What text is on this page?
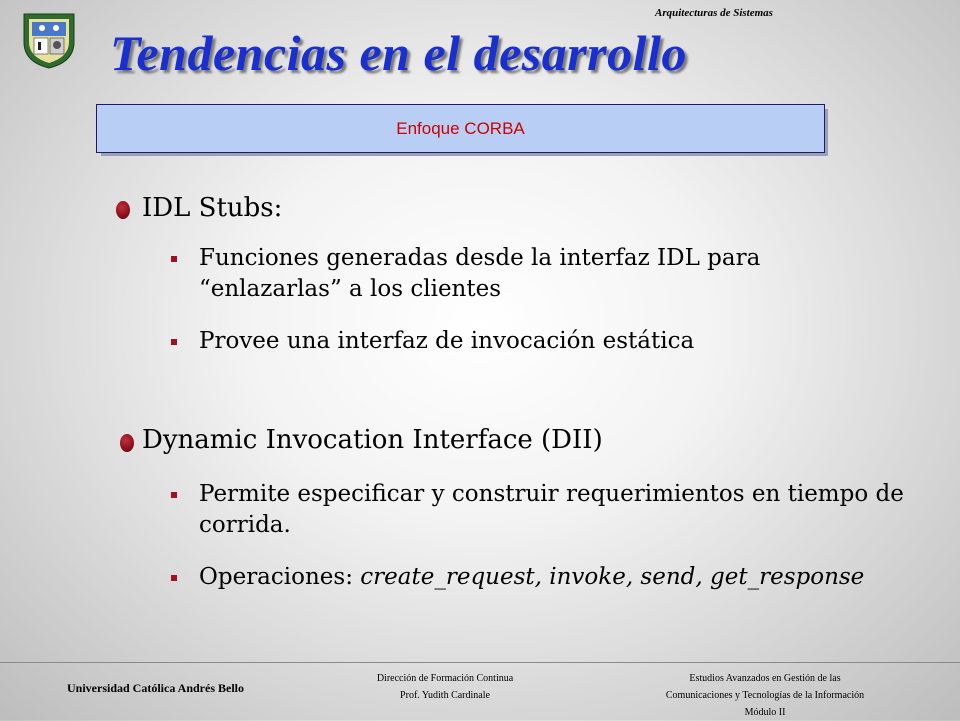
Arquitecturas de Sistemas
Tendencias en el desarrollo
Enfoque CORBA
IDL Stubs:
Funciones generadas desde la interfaz IDL para “enlazarlas” a los clientes
Provee una interfaz de invocación estática
Dynamic Invocation Interface (DII)
Permite especificar y construir requerimientos en tiempo de corrida.
Operaciones: create_request, invoke, send, get_response
Universidad Católica Andrés Bello
Dirección de Formación Continua
Prof. Yudith Cardinale
Estudios Avanzados en Gestión de las
Comunicaciones y Tecnologías de la Información
Módulo II
